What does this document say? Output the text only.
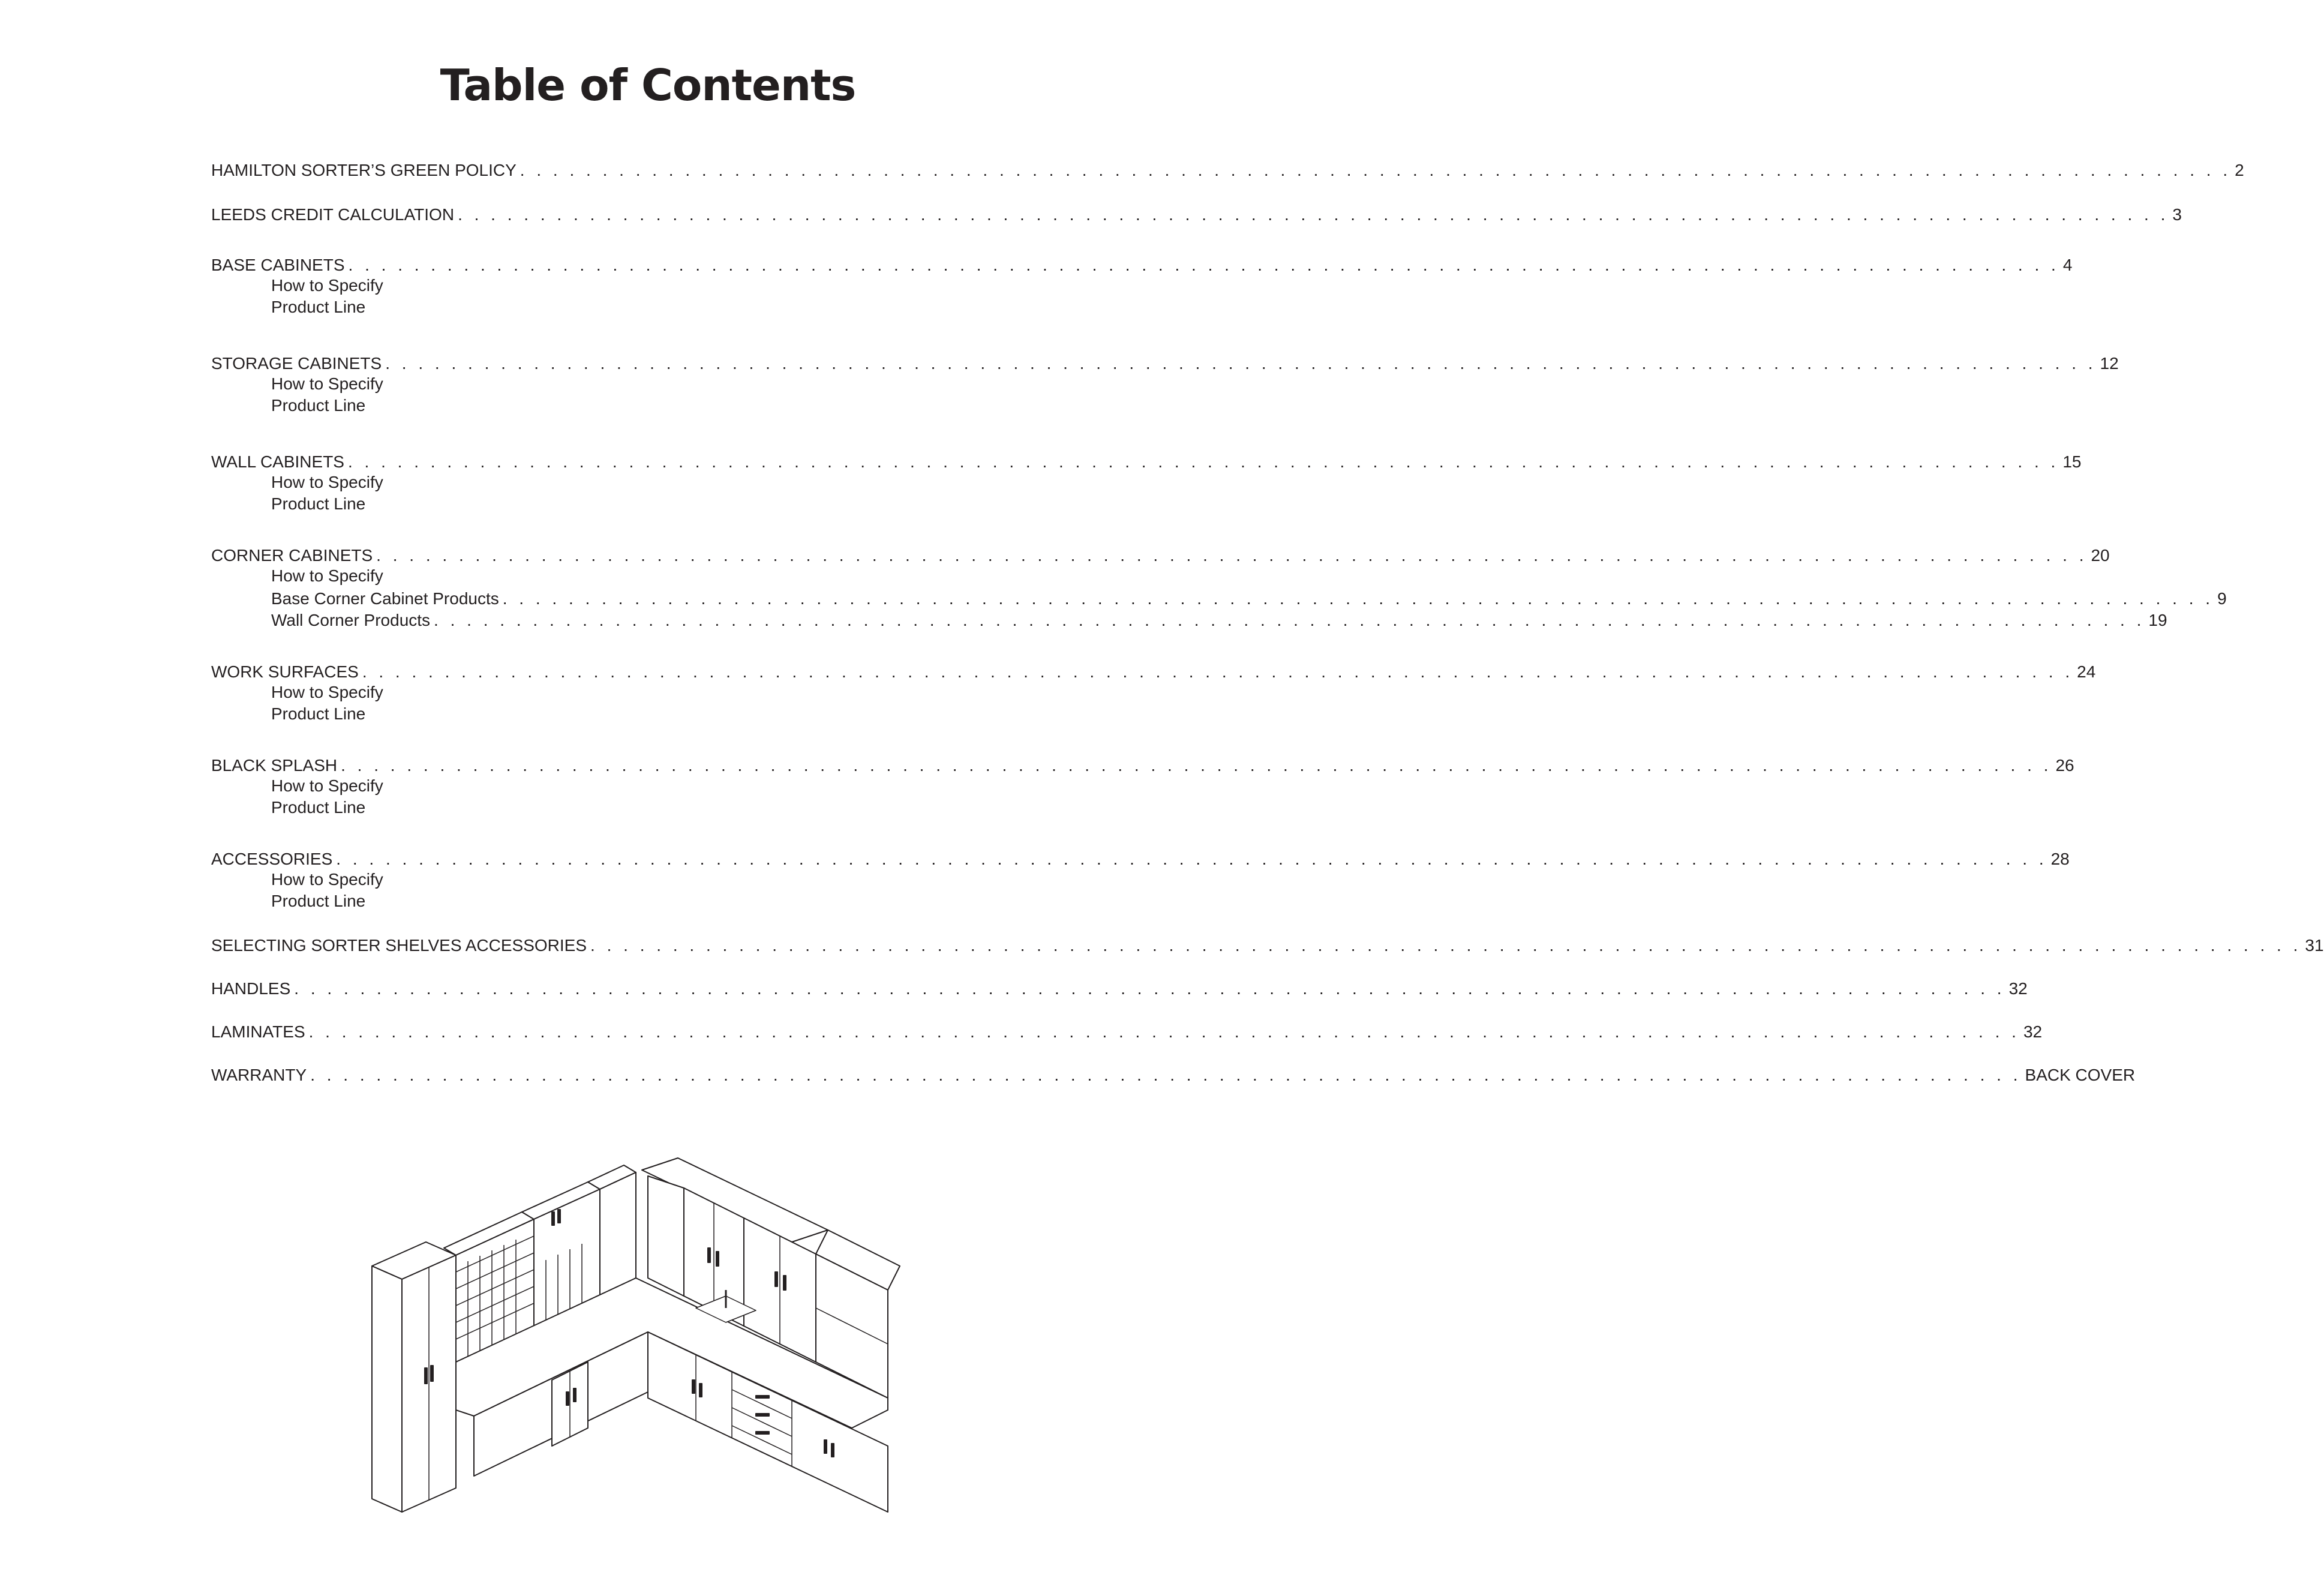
Table of Contents
HAMILTON SORTER’S GREEN POLICY . . . . . . . . . . . . . . . . . . . . . . . . . . . . . . . . . . . . . . . . . . . . . . . . . . . . . . . . . . . . . . . . . . . . . . . . . . . . . . . . . . . . . . . . . . . . . . . . . . . . . . . . 2
LEEDS CREDIT CALCULATION . . . . . . . . . . . . . . . . . . . . . . . . . . . . . . . . . . . . . . . . . . . . . . . . . . . . . . . . . . . . . . . . . . . . . . . . . . . . . . . . . . . . . . . . . . . . . . . . . . . . . . . . 3
BASE CABINETS . . . . . . . . . . . . . . . . . . . . . . . . . . . . . . . . . . . . . . . . . . . . . . . . . . . . . . . . . . . . . . . . . . . . . . . . . . . . . . . . . . . . . . . . . . . . . . . . . . . . . . . . 4
How to Specify
Product Line
STORAGE CABINETS . . . . . . . . . . . . . . . . . . . . . . . . . . . . . . . . . . . . . . . . . . . . . . . . . . . . . . . . . . . . . . . . . . . . . . . . . . . . . . . . . . . . . . . . . . . . . . . . . . . . . . . . 12
How to Specify
Product Line
WALL CABINETS . . . . . . . . . . . . . . . . . . . . . . . . . . . . . . . . . . . . . . . . . . . . . . . . . . . . . . . . . . . . . . . . . . . . . . . . . . . . . . . . . . . . . . . . . . . . . . . . . . . . . . . . 15
How to Specify
Product Line
CORNER CABINETS . . . . . . . . . . . . . . . . . . . . . . . . . . . . . . . . . . . . . . . . . . . . . . . . . . . . . . . . . . . . . . . . . . . . . . . . . . . . . . . . . . . . . . . . . . . . . . . . . . . . . . . . 20
How to Specify
Base Corner Cabinet Products . . . . . . . . . . . . . . . . . . . . . . . . . . . . . . . . . . . . . . . . . . . . . . . . . . . . . . . . . . . . . . . . . . . . . . . . . . . . . . . . . . . . . . . . . . . . . . . . . . . . . . . . 9
Wall Corner Products . . . . . . . . . . . . . . . . . . . . . . . . . . . . . . . . . . . . . . . . . . . . . . . . . . . . . . . . . . . . . . . . . . . . . . . . . . . . . . . . . . . . . . . . . . . . . . . . . . . . . . . . 19
WORK SURFACES . . . . . . . . . . . . . . . . . . . . . . . . . . . . . . . . . . . . . . . . . . . . . . . . . . . . . . . . . . . . . . . . . . . . . . . . . . . . . . . . . . . . . . . . . . . . . . . . . . . . . . . . 24
How to Specify
Product Line
BLACK SPLASH . . . . . . . . . . . . . . . . . . . . . . . . . . . . . . . . . . . . . . . . . . . . . . . . . . . . . . . . . . . . . . . . . . . . . . . . . . . . . . . . . . . . . . . . . . . . . . . . . . . . . . . . 26
How to Specify
Product Line
ACCESSORIES . . . . . . . . . . . . . . . . . . . . . . . . . . . . . . . . . . . . . . . . . . . . . . . . . . . . . . . . . . . . . . . . . . . . . . . . . . . . . . . . . . . . . . . . . . . . . . . . . . . . . . . . 28
How to Specify
Product Line
SELECTING SORTER SHELVES ACCESSORIES . . . . . . . . . . . . . . . . . . . . . . . . . . . . . . . . . . . . . . . . . . . . . . . . . . . . . . . . . . . . . . . . . . . . . . . . . . . . . . . . . . . . . . . . . . . . . . . . . . . . . . . . 31
HANDLES . . . . . . . . . . . . . . . . . . . . . . . . . . . . . . . . . . . . . . . . . . . . . . . . . . . . . . . . . . . . . . . . . . . . . . . . . . . . . . . . . . . . . . . . . . . . . . . . . . . . . . . . 32
LAMINATES . . . . . . . . . . . . . . . . . . . . . . . . . . . . . . . . . . . . . . . . . . . . . . . . . . . . . . . . . . . . . . . . . . . . . . . . . . . . . . . . . . . . . . . . . . . . . . . . . . . . . . . . 32
WARRANTY . . . . . . . . . . . . . . . . . . . . . . . . . . . . . . . . . . . . . . . . . . . . . . . . . . . . . . . . . . . . . . . . . . . . . . . . . . . . . . . . . . . . . . . . . . . . . . . . . . . . . . . . BACK COVER
